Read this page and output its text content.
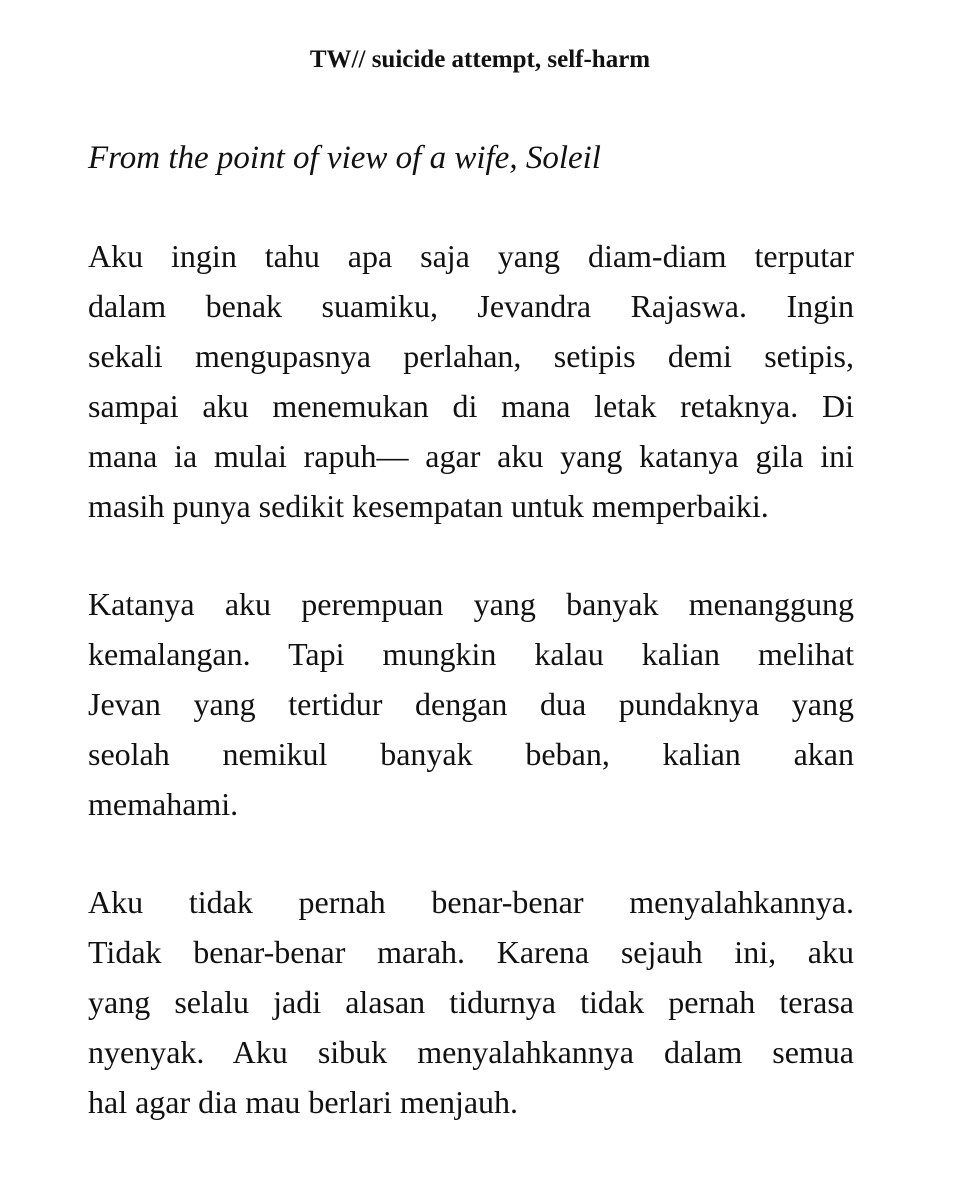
TW// suicide attempt, self-harm
From the point of view of a wife, Soleil
Aku ingin tahu apa saja yang diam-diam terputar
dalam benak suamiku, Jevandra Rajaswa. Ingin
sekali mengupasnya perlahan, setipis demi setipis,
sampai aku menemukan di mana letak retaknya. Di
mana ia mulai rapuh— agar aku yang katanya gila ini
masih punya sedikit kesempatan untuk memperbaiki.
Katanya aku perempuan yang banyak menanggung
kemalangan. Tapi mungkin kalau kalian melihat
Jevan yang tertidur dengan dua pundaknya yang
seolah nemikul banyak beban, kalian akan
memahami.
Aku tidak pernah benar-benar menyalahkannya.
Tidak benar-benar marah. Karena sejauh ini, aku
yang selalu jadi alasan tidurnya tidak pernah terasa
nyenyak. Aku sibuk menyalahkannya dalam semua
hal agar dia mau berlari menjauh.
